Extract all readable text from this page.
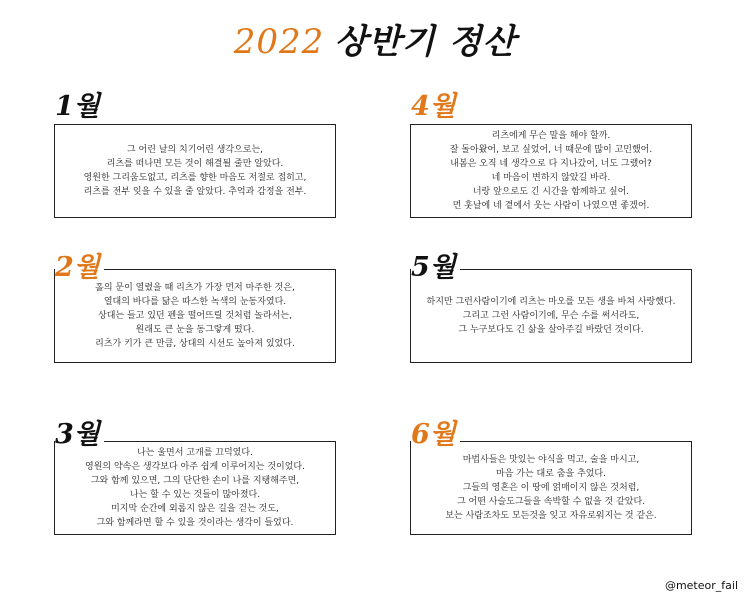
2022 상반기 정산
그 어린 날의 치기어린 생각으로는,
리츠를 떠나면 모든 것이 해결될 줄만 알았다.
영원한 그리움도없고, 리츠를 향한 마음도 저절로 접히고,
리츠를 전부 잊을 수 있을 줄 알았다. 추억과 감정을 전부.
1월
홀의 문이 열렸을 때 리츠가 가장 먼저 마주한 것은,
열대의 바다를 닮은 따스한 녹색의 눈동자였다.
상대는 들고 있던 펜을 떨어뜨릴 것처럼 놀라서는,
원래도 큰 눈을 동그랗게 떴다.
리츠가 키가 큰 만큼, 상대의 시선도 높아져 있었다.
2월
나는 울면서 고개를 끄덕였다.
영원의 약속은 생각보다 아주 쉽게 이루어지는 것이었다.
그와 함께 있으면, 그의 단단한 손이 나를 지탱해주면,
나는 할 수 있는 것들이 많아졌다.
미지막 순간에 외롭지 않은 길을 걷는 것도,
그와 함께라면 할 수 있을 것이라는 생각이 들었다.
3월
리츠에게 무슨 말을 해야 할까.
잘 돌아왔어, 보고 싶었어, 너 때문에 많이 고민했어.
내봄은 오직 네 생각으로 다 지나갔어, 너도 그랬어?
네 마음이 변하지 않았길 바라.
너랑 앞으로도 긴 시간을 함께하고 싶어.
먼 훗날에 네 곁에서 웃는 사람이 나였으면 좋겠어.
4월
하지만 그런사람이기에 리츠는 마오를 모든 생을 바쳐 사랑했다.
그리고 그런 사람이기에, 무슨 수를 써서라도,
그 누구보다도 긴 삶을 살아주길 바랐던 것이다.
5월
마법사들은 맛있는 야식을 먹고, 술을 마시고,
마음 가는 대로 춤을 추었다.
그들의 영혼은 이 땅에 얽매이지 않은 것처럼,
그 어떤 사슬도그들을 속박할 수 없을 것 같았다.
보는 사람조차도 모든것을 잊고 자유로워지는 것 같은.
6월
@meteor_fail
